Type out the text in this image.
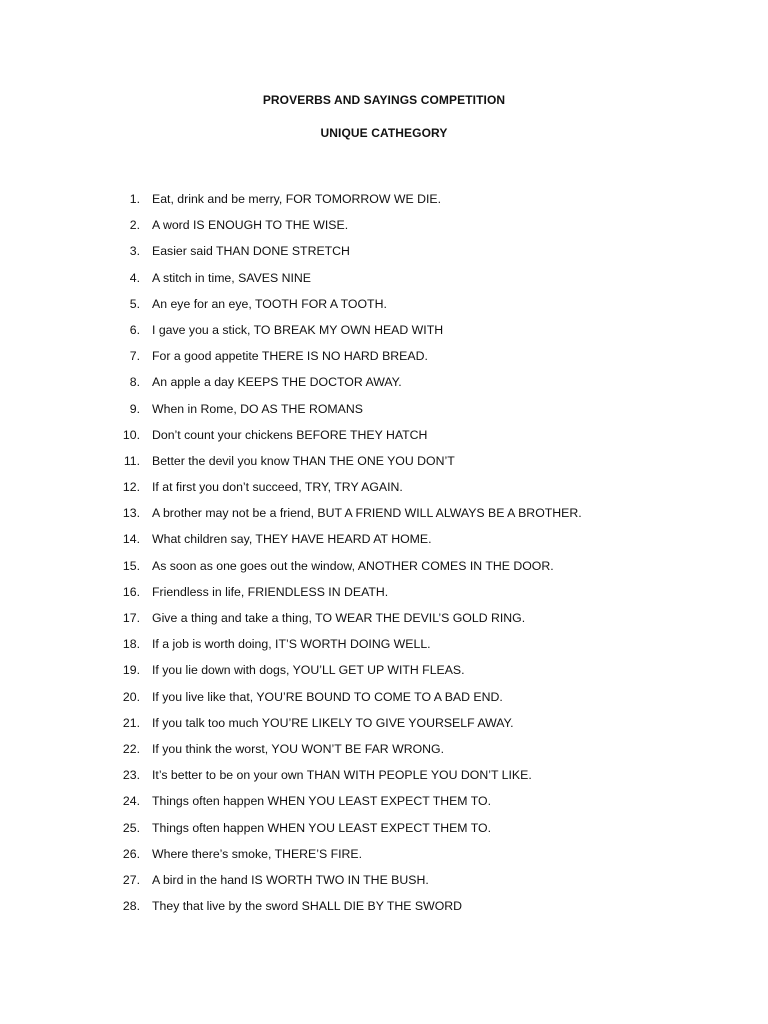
PROVERBS AND SAYINGS COMPETITION
UNIQUE CATHEGORY
1. Eat, drink and be merry, FOR TOMORROW WE DIE.
2. A word IS ENOUGH TO THE WISE.
3. Easier said THAN DONE STRETCH
4. A stitch in time, SAVES NINE
5. An eye for an eye, TOOTH FOR A TOOTH.
6. I gave you a stick, TO BREAK MY OWN HEAD WITH
7. For a good appetite THERE IS NO HARD BREAD.
8. An apple a day KEEPS THE DOCTOR AWAY.
9. When in Rome, DO AS THE ROMANS
10. Don’t count your chickens BEFORE THEY HATCH
11. Better the devil you know THAN THE ONE YOU DON’T
12. If at first you don’t succeed, TRY, TRY AGAIN.
13. A brother may not be a friend, BUT A FRIEND WILL ALWAYS BE A BROTHER.
14. What children say, THEY HAVE HEARD AT HOME.
15. As soon as one goes out the window, ANOTHER COMES IN THE DOOR.
16. Friendless in life, FRIENDLESS IN DEATH.
17. Give a thing and take a thing, TO WEAR THE DEVIL’S GOLD RING.
18. If a job is worth doing, IT’S WORTH DOING WELL.
19. If you lie down with dogs, YOU’LL GET UP WITH FLEAS.
20. If you live like that, YOU’RE BOUND TO COME TO A BAD END.
21. If you talk too much YOU’RE LIKELY TO GIVE YOURSELF AWAY.
22. If you think the worst, YOU WON’T BE FAR WRONG.
23. It’s better to be on your own THAN WITH PEOPLE YOU DON’T LIKE.
24. Things often happen WHEN YOU LEAST EXPECT THEM TO.
25. Things often happen WHEN YOU LEAST EXPECT THEM TO.
26. Where there’s smoke, THERE’S FIRE.
27. A bird in the hand IS WORTH TWO IN THE BUSH.
28. They that live by the sword SHALL DIE BY THE SWORD
